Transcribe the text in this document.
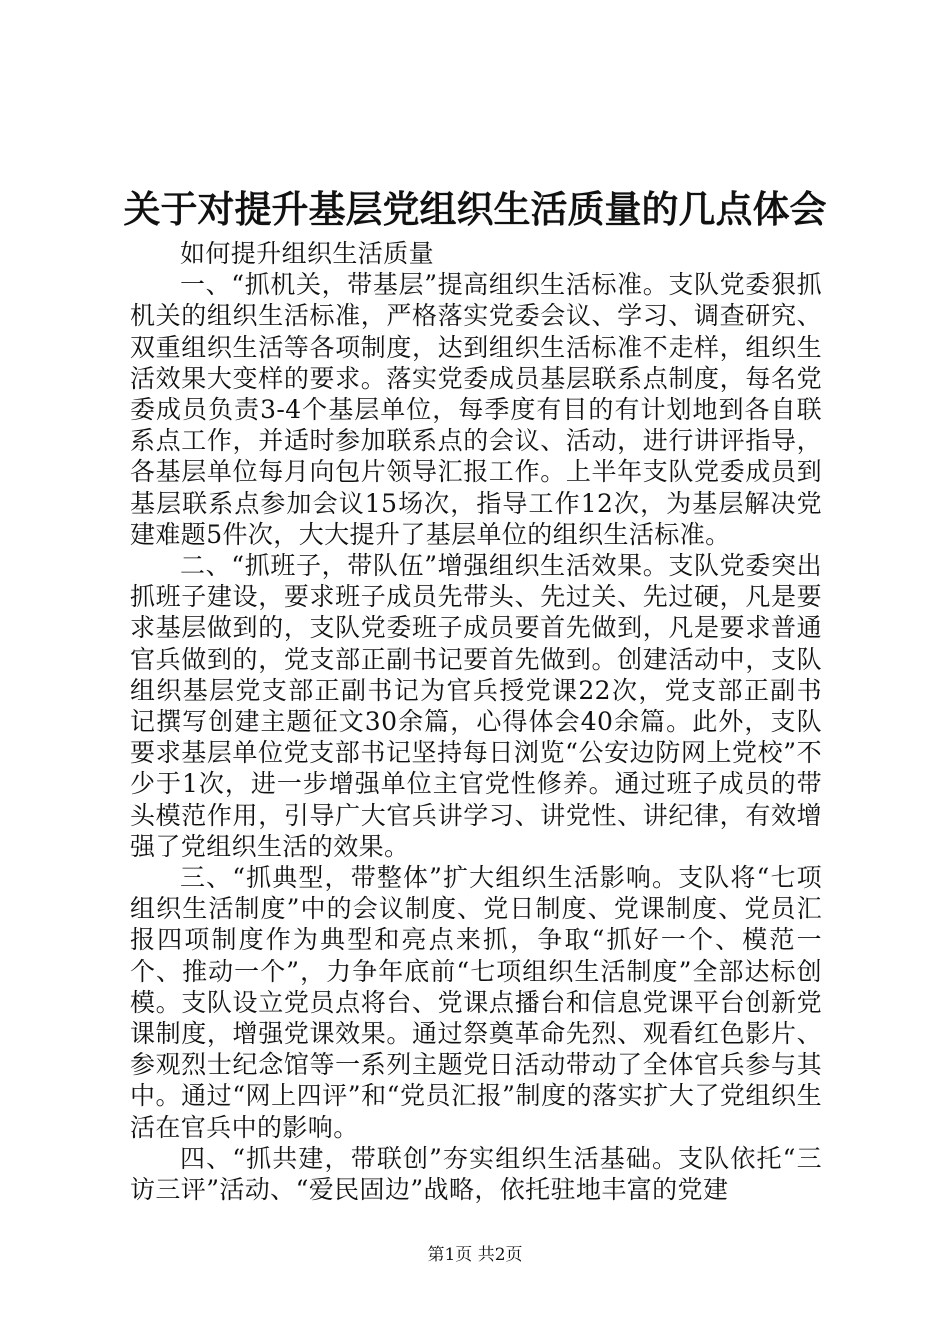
关于对提升基层党组织生活质量的几点体会

如何提升组织生活质量

一、“抓机关，带基层”提高组织生活标准。支队党委狠抓机关的组织生活标准，严格落实党委会议、学习、调查研究、双重组织生活等各项制度，达到组织生活标准不走样，组织生活效果大变样的要求。落实党委成员基层联系点制度，每名党委成员负责3-4个基层单位，每季度有目的有计划地到各自联系点工作，并适时参加联系点的会议、活动，进行讲评指导，各基层单位每月向包片领导汇报工作。上半年支队党委成员到基层联系点参加会议15场次，指导工作12次，为基层解决党建难题5件次，大大提升了基层单位的组织生活标准。

二、“抓班子，带队伍”增强组织生活效果。支队党委突出抓班子建设，要求班子成员先带头、先过关、先过硬，凡是要求基层做到的，支队党委班子成员要首先做到，凡是要求普通官兵做到的，党支部正副书记要首先做到。创建活动中，支队组织基层党支部正副书记为官兵授党课22次，党支部正副书记撰写创建主题征文30余篇，心得体会40余篇。此外，支队要求基层单位党支部书记坚持每日浏览“公安边防网上党校”不少于1次，进一步增强单位主官党性修养。通过班子成员的带头模范作用，引导广大官兵讲学习、讲党性、讲纪律，有效增强了党组织生活的效果。

三、“抓典型，带整体”扩大组织生活影响。支队将“七项组织生活制度”中的会议制度、党日制度、党课制度、党员汇报四项制度作为典型和亮点来抓，争取“抓好一个、模范一个、推动一个”，力争年底前“七项组织生活制度”全部达标创模。支队设立党员点将台、党课点播台和信息党课平台创新党课制度，增强党课效果。通过祭奠革命先烈、观看红色影片、参观烈士纪念馆等一系列主题党日活动带动了全体官兵参与其中。通过“网上四评”和“党员汇报”制度的落实扩大了党组织生活在官兵中的影响。

四、“抓共建，带联创”夯实组织生活基础。支队依托“三访三评”活动、“爱民固边”战略，依托驻地丰富的党建

第1页 共2页
